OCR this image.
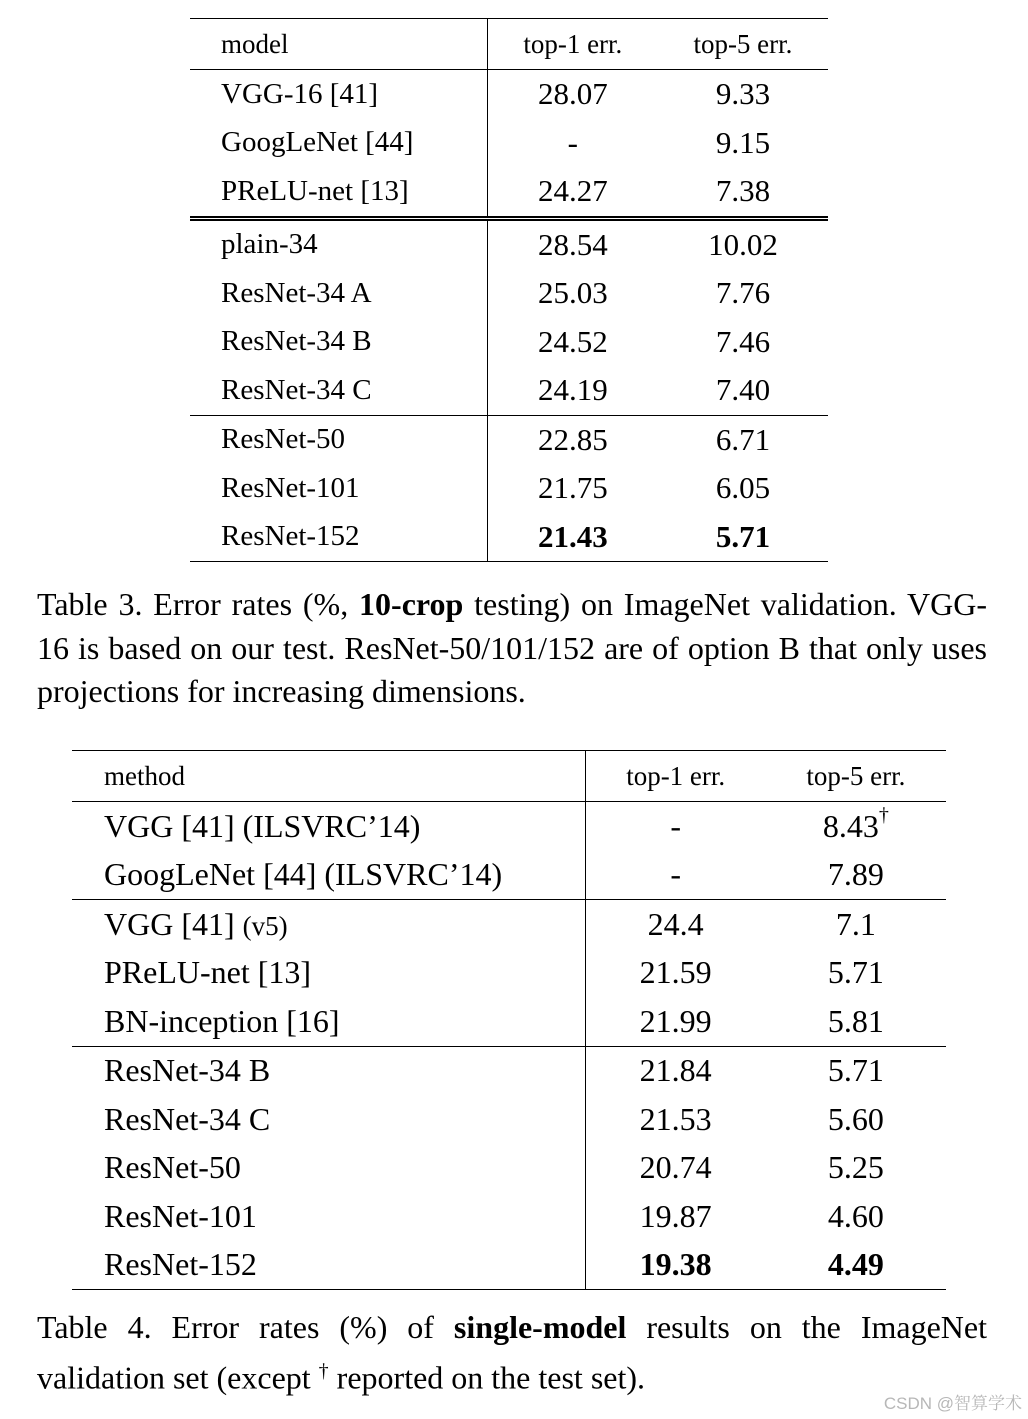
model	top-1 err.	top-5 err.
VGG-16 [41]	28.07	9.33
GoogLeNet [44]	-	9.15
PReLU-net [13]	24.27	7.38
plain-34	28.54	10.02
ResNet-34 A	25.03	7.76
ResNet-34 B	24.52	7.46
ResNet-34 C	24.19	7.40
ResNet-50	22.85	6.71
ResNet-101	21.75	6.05
ResNet-152	21.43	5.71

Table 3. Error rates (%, 10-crop testing) on ImageNet validation. VGG-16 is based on our test. ResNet-50/101/152 are of option B that only uses projections for increasing dimensions.

method	top-1 err.	top-5 err.
VGG [41] (ILSVRC’14)	-	8.43†
GoogLeNet [44] (ILSVRC’14)	-	7.89
VGG [41] (v5)	24.4	7.1
PReLU-net [13]	21.59	5.71
BN-inception [16]	21.99	5.81
ResNet-34 B	21.84	5.71
ResNet-34 C	21.53	5.60
ResNet-50	20.74	5.25
ResNet-101	19.87	4.60
ResNet-152	19.38	4.49

Table 4. Error rates (%) of single-model results on the ImageNet validation set (except † reported on the test set).

CSDN @智算学术
